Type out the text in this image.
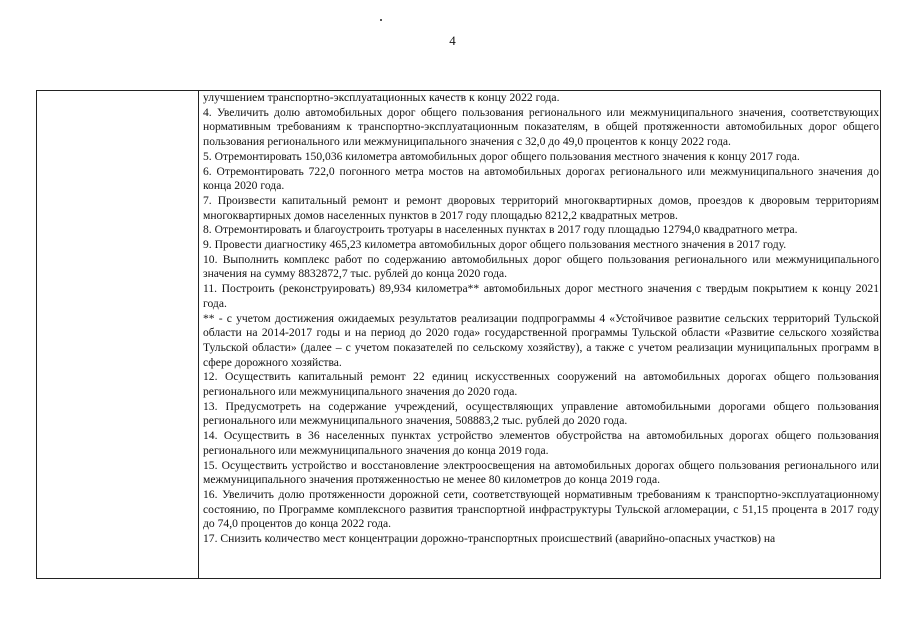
4
улучшением транспортно-эксплуатационных качеств к концу 2022 года.
4. Увеличить долю автомобильных дорог общего пользования регионального или межмуниципального значения, соответствующих нормативным требованиям к транспортно-эксплуатационным показателям, в общей протяженности автомобильных дорог общего пользования регионального или межмуниципального значения с 32,0 до 49,0 процентов к концу 2022 года.
5. Отремонтировать 150,036 километра автомобильных дорог общего пользования местного значения к концу 2017 года.
6. Отремонтировать 722,0 погонного метра мостов на автомобильных дорогах регионального или межмуниципального значения до конца 2020 года.
7. Произвести капитальный ремонт и ремонт дворовых территорий многоквартирных домов, проездов к дворовым территориям многоквартирных домов населенных пунктов в 2017 году площадью 8212,2 квадратных метров.
8. Отремонтировать и благоустроить тротуары в населенных пунктах в 2017 году площадью 12794,0 квадратного метра.
9. Провести диагностику 465,23 километра автомобильных дорог общего пользования местного значения в 2017 году.
10. Выполнить комплекс работ по содержанию автомобильных дорог общего пользования регионального или межмуниципального значения на сумму 8832872,7 тыс. рублей до конца 2020 года.
11. Построить (реконструировать) 89,934 километра** автомобильных дорог местного значения с твердым покрытием к концу 2021 года.
** - с учетом достижения ожидаемых результатов реализации подпрограммы 4 «Устойчивое развитие сельских территорий Тульской области на 2014-2017 годы и на период до 2020 года» государственной программы Тульской области «Развитие сельского хозяйства Тульской области» (далее – с учетом показателей по сельскому хозяйству), а также с учетом реализации муниципальных программ в сфере дорожного хозяйства.
12. Осуществить капитальный ремонт 22 единиц искусственных сооружений на автомобильных дорогах общего пользования регионального или межмуниципального значения до 2020 года.
13. Предусмотреть на содержание учреждений, осуществляющих управление автомобильными дорогами общего пользования регионального или межмуниципального значения, 508883,2 тыс. рублей до 2020 года.
14. Осуществить в 36 населенных пунктах устройство элементов обустройства на автомобильных дорогах общего пользования регионального или межмуниципального значения до конца 2019 года.
15. Осуществить устройство и восстановление электроосвещения на автомобильных дорогах общего пользования регионального или межмуниципального значения протяженностью не менее 80 километров до конца 2019 года.
16. Увеличить долю протяженности дорожной сети, соответствующей нормативным требованиям к транспортно-эксплуатационному состоянию, по Программе комплексного развития транспортной инфраструктуры Тульской агломерации, с 51,15 процента в 2017 году до 74,0 процентов до конца 2022 года.
17. Снизить количество мест концентрации дорожно-транспортных происшествий (аварийно-опасных участков) на
